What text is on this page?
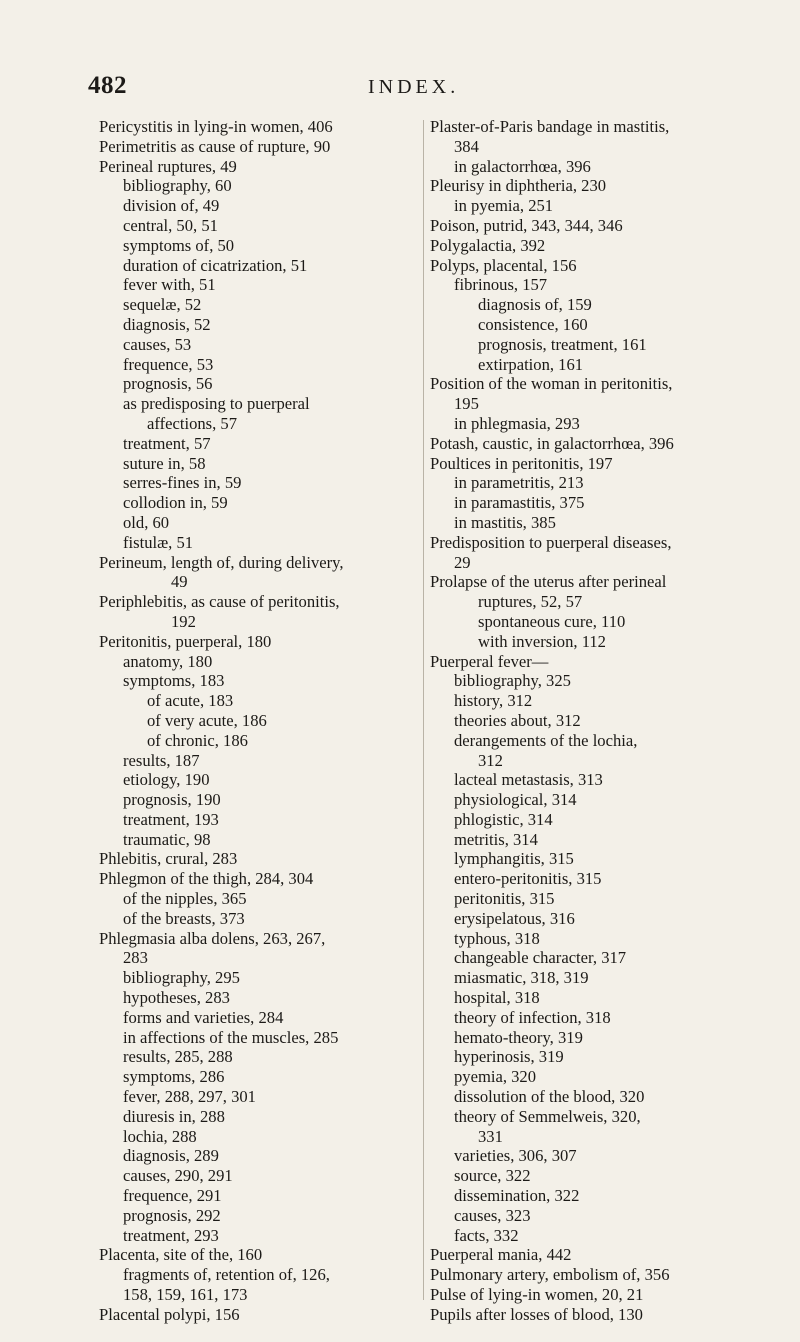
482	INDEX.
Pericystitis in lying-in women, 406
Perimetritis as cause of rupture, 90
Perineal ruptures, 49
bibliography, 60
division of, 49
central, 50, 51
symptoms of, 50
duration of cicatrization, 51
fever with, 51
sequelæ, 52
diagnosis, 52
causes, 53
frequence, 53
prognosis, 56
as predisposing to puerperal
affections, 57
treatment, 57
suture in, 58
serres-fines in, 59
collodion in, 59
old, 60
fistulæ, 51
Perineum, length of, during delivery,
49
Periphlebitis, as cause of peritonitis,
192
Peritonitis, puerperal, 180
anatomy, 180
symptoms, 183
of acute, 183
of very acute, 186
of chronic, 186
results, 187
etiology, 190
prognosis, 190
treatment, 193
traumatic, 98
Phlebitis, crural, 283
Phlegmon of the thigh, 284, 304
of the nipples, 365
of the breasts, 373
Phlegmasia alba dolens, 263, 267,
283
bibliography, 295
hypotheses, 283
forms and varieties, 284
in affections of the muscles, 285
results, 285, 288
symptoms, 286
fever, 288, 297, 301
diuresis in, 288
lochia, 288
diagnosis, 289
causes, 290, 291
frequence, 291
prognosis, 292
treatment, 293
Placenta, site of the, 160
fragments of, retention of, 126,
158, 159, 161, 173
Placental polypi, 156
Plaster-of-Paris bandage in mastitis,
384
in galactorrhœa, 396
Pleurisy in diphtheria, 230
in pyemia, 251
Poison, putrid, 343, 344, 346
Polygalactia, 392
Polyps, placental, 156
fibrinous, 157
diagnosis of, 159
consistence, 160
prognosis, treatment, 161
extirpation, 161
Position of the woman in peritonitis,
195
in phlegmasia, 293
Potash, caustic, in galactorrhœa, 396
Poultices in peritonitis, 197
in parametritis, 213
in paramastitis, 375
in mastitis, 385
Predisposition to puerperal diseases,
29
Prolapse of the uterus after perineal
ruptures, 52, 57
spontaneous cure, 110
with inversion, 112
Puerperal fever—
bibliography, 325
history, 312
theories about, 312
derangements of the lochia,
312
lacteal metastasis, 313
physiological, 314
phlogistic, 314
metritis, 314
lymphangitis, 315
entero-peritonitis, 315
peritonitis, 315
erysipelatous, 316
typhous, 318
changeable character, 317
miasmatic, 318, 319
hospital, 318
theory of infection, 318
hemato-theory, 319
hyperinosis, 319
pyemia, 320
dissolution of the blood, 320
theory of Semmelweis, 320,
331
varieties, 306, 307
source, 322
dissemination, 322
causes, 323
facts, 332
Puerperal mania, 442
Pulmonary artery, embolism of, 356
Pulse of lying-in women, 20, 21
Pupils after losses of blood, 130
